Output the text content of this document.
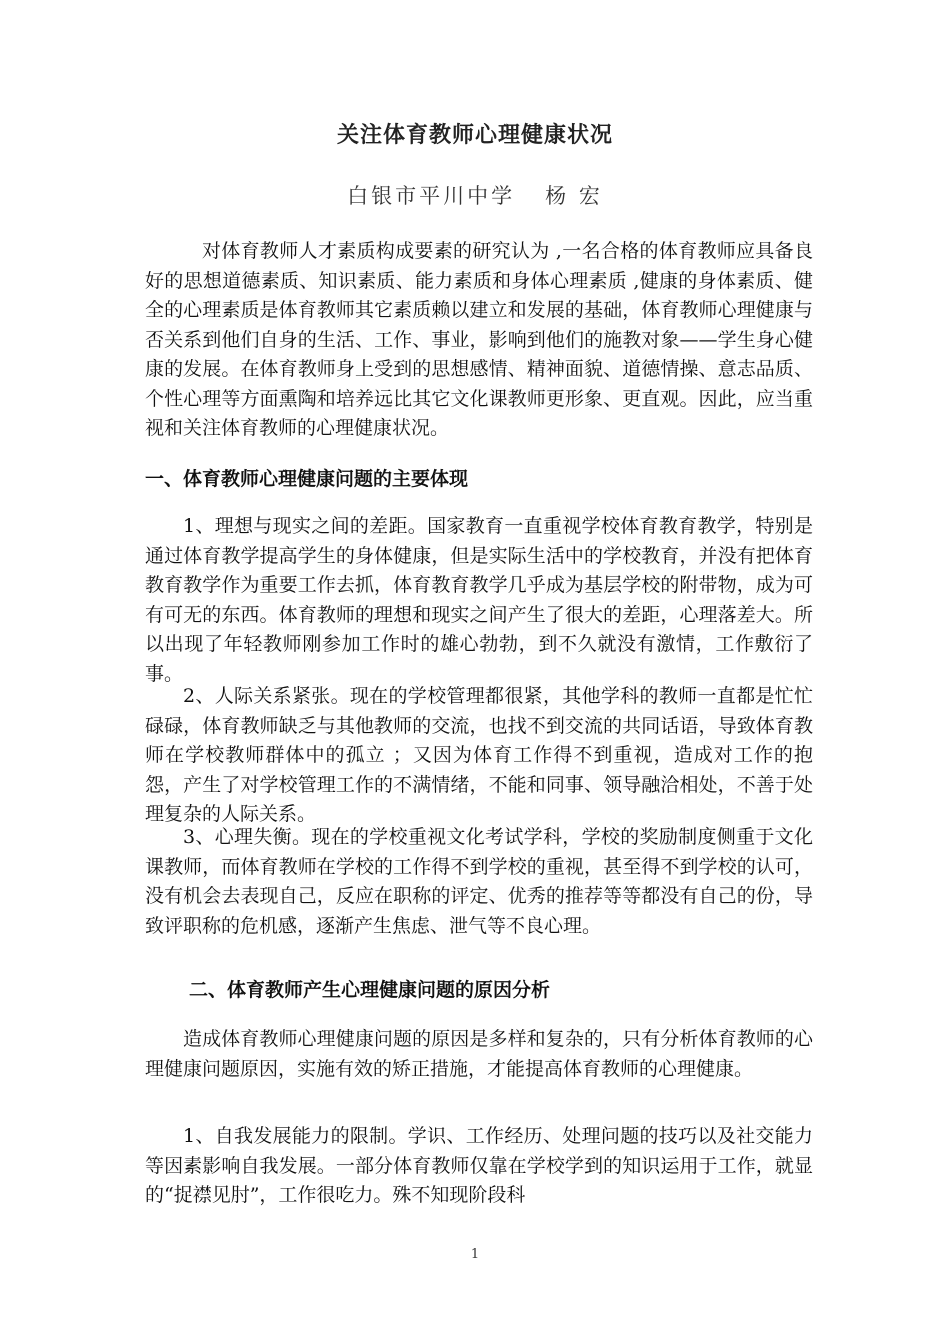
关注体育教师心理健康状况
白银市平川中学 杨 宏

对体育教师人才素质构成要素的研究认为 ,一名合格的体育教师应具备良好的思想道德素质、知识素质、能力素质和身体心理素质 ,健康的身体素质、健全的心理素质是体育教师其它素质赖以建立和发展的基础，体育教师心理健康与否关系到他们自身的生活、工作、事业，影响到他们的施教对象——学生身心健康的发展。在体育教师身上受到的思想感情、精神面貌、道德情操、意志品质、个性心理等方面熏陶和培养远比其它文化课教师更形象、更直观。因此，应当重视和关注体育教师的心理健康状况。

一、体育教师心理健康问题的主要体现

1、理想与现实之间的差距。国家教育一直重视学校体育教育教学，特别是通过体育教学提高学生的身体健康，但是实际生活中的学校教育，并没有把体育教育教学作为重要工作去抓，体育教育教学几乎成为基层学校的附带物，成为可有可无的东西。体育教师的理想和现实之间产生了很大的差距，心理落差大。所以出现了年轻教师刚参加工作时的雄心勃勃，到不久就没有激情，工作敷衍了事。

2、人际关系紧张。现在的学校管理都很紧，其他学科的教师一直都是忙忙碌碌，体育教师缺乏与其他教师的交流，也找不到交流的共同话语，导致体育教师在学校教师群体中的孤立 ；又因为体育工作得不到重视，造成对工作的抱怨，产生了对学校管理工作的不满情绪，不能和同事、领导融洽相处，不善于处理复杂的人际关系。

3、心理失衡。现在的学校重视文化考试学科，学校的奖励制度侧重于文化课教师，而体育教师在学校的工作得不到学校的重视，甚至得不到学校的认可，没有机会去表现自己，反应在职称的评定、优秀的推荐等等都没有自己的份，导致评职称的危机感，逐渐产生焦虑、泄气等不良心理。

二、体育教师产生心理健康问题的原因分析

造成体育教师心理健康问题的原因是多样和复杂的，只有分析体育教师的心理健康问题原因，实施有效的矫正措施，才能提高体育教师的心理健康。

1、自我发展能力的限制。学识、工作经历、处理问题的技巧以及社交能力等因素影响自我发展。一部分体育教师仅靠在学校学到的知识运用于工作，就显的“捉襟见肘”，工作很吃力。殊不知现阶段科

1
